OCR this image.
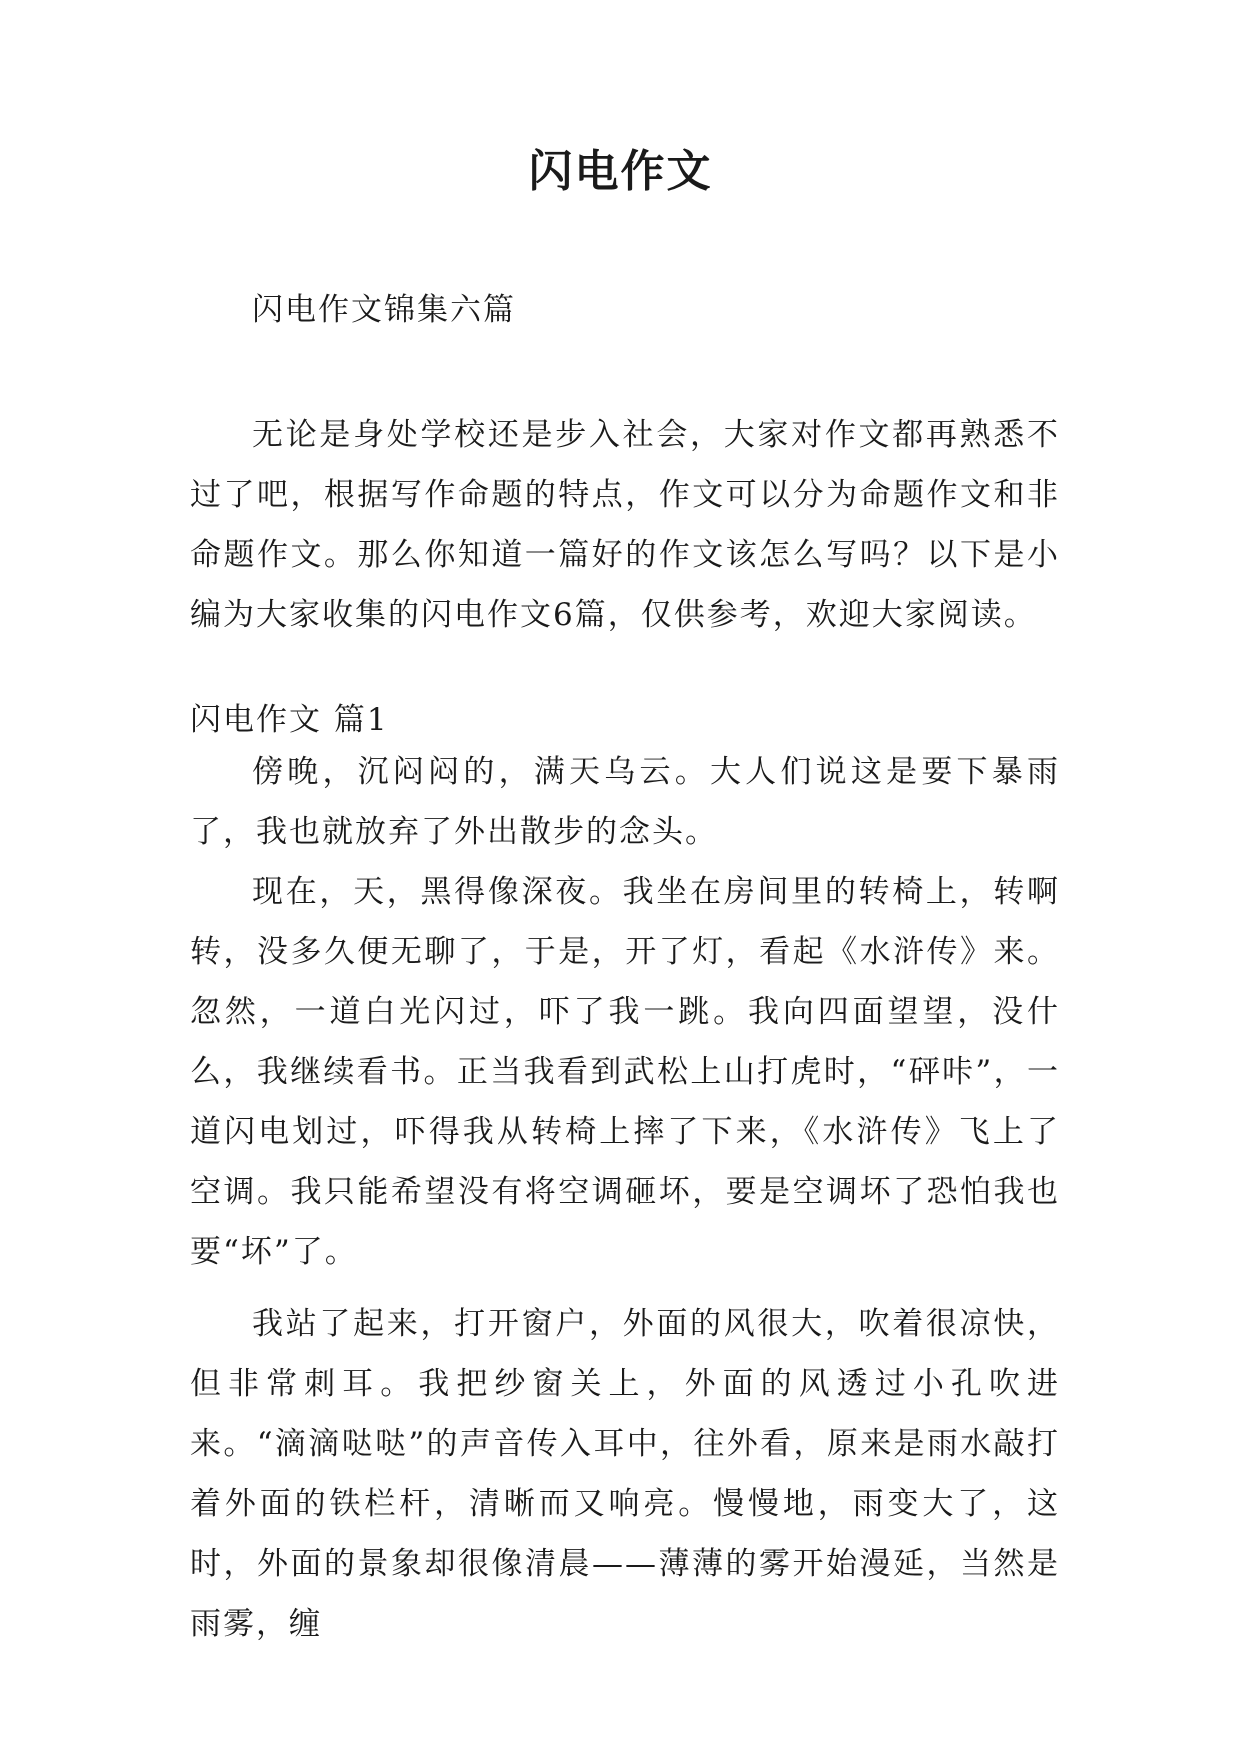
闪电作文
闪电作文锦集六篇

无论是身处学校还是步入社会，大家对作文都再熟悉不过了吧，根据写作命题的特点，作文可以分为命题作文和非命题作文。那么你知道一篇好的作文该怎么写吗？以下是小编为大家收集的闪电作文6篇，仅供参考，欢迎大家阅读。

闪电作文 篇1

傍晚，沉闷闷的，满天乌云。大人们说这是要下暴雨了，我也就放弃了外出散步的念头。

现在，天，黑得像深夜。我坐在房间里的转椅上，转啊转，没多久便无聊了，于是，开了灯，看起《水浒传》来。忽然，一道白光闪过，吓了我一跳。我向四面望望，没什么，我继续看书。正当我看到武松上山打虎时，“砰咔”，一道闪电划过，吓得我从转椅上摔了下来，《水浒传》飞上了空调。我只能希望没有将空调砸坏，要是空调坏了恐怕我也要“坏”了。

我站了起来，打开窗户，外面的风很大，吹着很凉快，但非常刺耳。我把纱窗关上，外面的风透过小孔吹进来。“滴滴哒哒”的声音传入耳中，往外看，原来是雨水敲打着外面的铁栏杆，清晰而又响亮。慢慢地，雨变大了，这时，外面的景象却很像清晨——薄薄的雾开始漫延，当然是雨雾，缠
